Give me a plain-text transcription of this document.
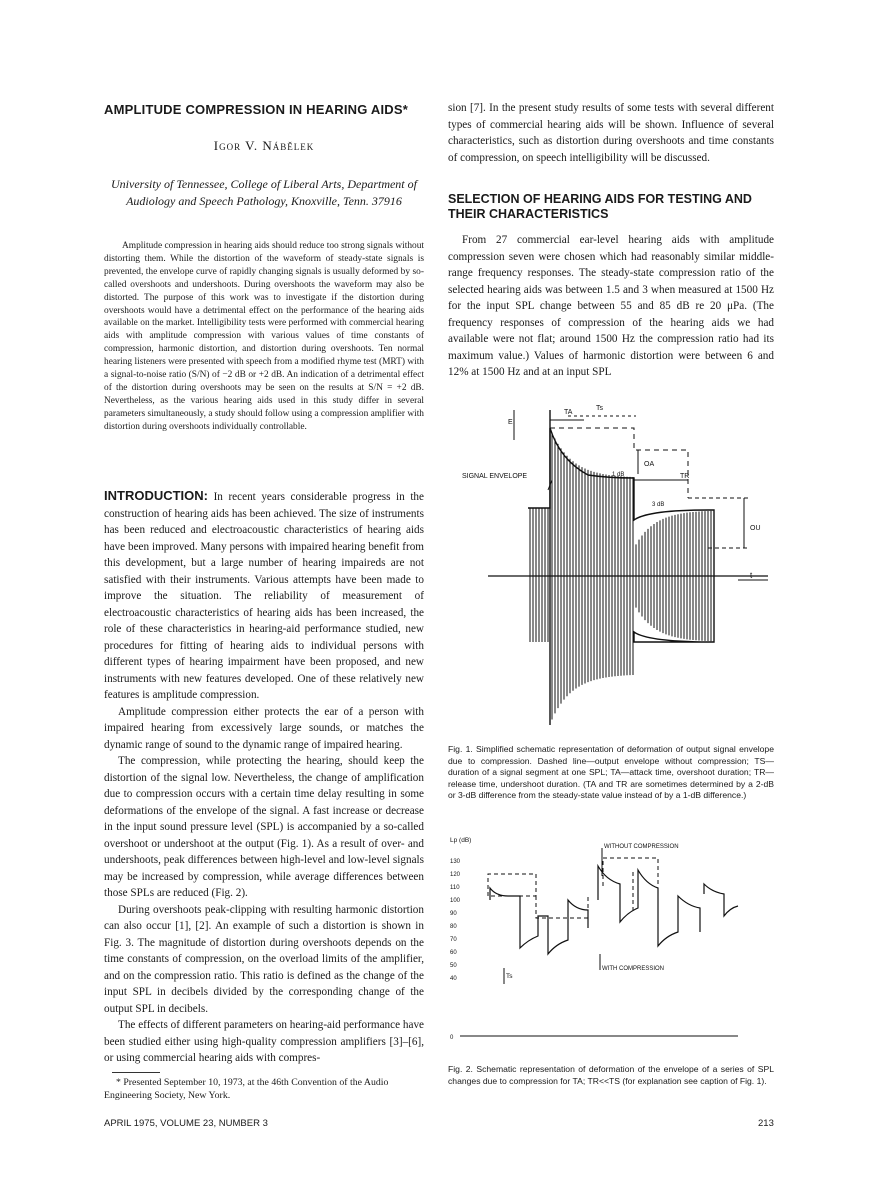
AMPLITUDE COMPRESSION IN HEARING AIDS*
Igor V. Nábělek
University of Tennessee, College of Liberal Arts, Department of
Audiology and Speech Pathology, Knoxville, Tenn. 37916

Amplitude compression in hearing aids should reduce too strong signals without distorting them. While the distortion of the waveform of steady-state signals is prevented, the envelope curve of rapidly changing signals is usually deformed by so-called overshoots and undershoots. During overshoots the waveform may also be distorted. The purpose of this work was to investigate if the distortion during overshoots would have a detrimental effect on the performance of the hearing aids available on the market. Intelligibility tests were performed with commercial hearing aids with amplitude compression with various values of time constants of compression, harmonic distortion, and distortion during overshoots. Ten normal hearing listeners were presented with speech from a modified rhyme test (MRT) with a signal-to-noise ratio (S/N) of −2 dB or +2 dB. An indication of a detrimental effect of the distortion during overshoots may be seen on the results at S/N = +2 dB. Nevertheless, as the various hearing aids used in this study differ in several parameters simultaneously, a study should follow using a compression amplifier with distortion during overshoots individually controllable.

INTRODUCTION: In recent years considerable progress in the construction of hearing aids has been achieved. The size of instruments has been reduced and electroacoustic characteristics of hearing aids have been improved. Many persons with impaired hearing benefit from this development, but a large number of hearing impaireds are not satisfied with their instruments. Various attempts have been made to improve the situation. The reliability of measurement of electroacoustic characteristics of hearing aids has been increased, the role of these characteristics in hearing-aid performance studied, new procedures for fitting of hearing aids to individual persons with different types of hearing impairment have been proposed, and new instruments with new features developed. One of these relatively new features is amplitude compression.

Amplitude compression either protects the ear of a person with impaired hearing from excessively large sounds, or matches the dynamic range of sound to the dynamic range of impaired hearing.

The compression, while protecting the hearing, should keep the distortion of the signal low. Nevertheless, the change of amplification due to compression occurs with a certain time delay resulting in some deformations of the envelope of the signal. A fast increase or decrease in the input sound pressure level (SPL) is accompanied by a so-called overshoot or undershoot at the output (Fig. 1). As a result of over- and undershoots, peak differences between high-level and low-level signals may be increased by compression, while average differences between those SPLs are reduced (Fig. 2).

During overshoots peak-clipping with resulting harmonic distortion can also occur [1], [2]. An example of such a distortion is shown in Fig. 3. The magnitude of distortion during overshoots depends on the time constants of compression, on the overload limits of the amplifier, and on the compression ratio. This ratio is defined as the change of the input SPL in decibels divided by the corresponding change of the output SPL in decibels.

The effects of different parameters on hearing-aid performance have been studied either using high-quality compression amplifiers [3]–[6], or using commercial hearing aids with compres-

* Presented September 10, 1973, at the 46th Convention of the Audio Engineering Society, New York.
APRIL 1975, VOLUME 23, NUMBER 3	213

sion [7]. In the present study results of some tests with several different types of commercial hearing aids will be shown. Influence of several characteristics, such as distortion during overshoots and time constants of compression, on speech intelligibility will be discussed.

SELECTION OF HEARING AIDS FOR TESTING AND THEIR CHARACTERISTICS

From 27 commercial ear-level hearing aids with amplitude compression seven were chosen which had reasonably similar middle-range frequency responses. The steady-state compression ratio of the selected hearing aids was between 1.5 and 3 when measured at 1500 Hz for the input SPL change between 55 and 85 dB re 20 μPa. (The frequency responses of compression of the hearing aids we had available were not flat; around 1500 Hz the compression ratio had its maximum value.) Values of harmonic distortion were between 6 and 12% at 1500 Hz and at an input SPL

SIGNAL ENVELOPE
E
t
Ts
TA
TR
OA
OU
1 dB
3 dB
Fig. 1. Simplified schematic representation of deformation of output signal envelope due to compression. Dashed line—output envelope without compression; TS—duration of a signal segment at one SPL; TA—attack time, overshoot duration; TR—release time, undershoot duration. (TA and TR are sometimes determined by a 2-dB or 3-dB difference from the steady-state value instead of by a 1-dB difference.)
Lp (dB)
130
120
110
100
90
80
70
60
50
40
0
Ts
WITHOUT COMPRESSION
WITH COMPRESSION
Fig. 2. Schematic representation of deformation of the envelope of a series of SPL changes due to compression for TA; TR<<TS (for explanation see caption of Fig. 1).
